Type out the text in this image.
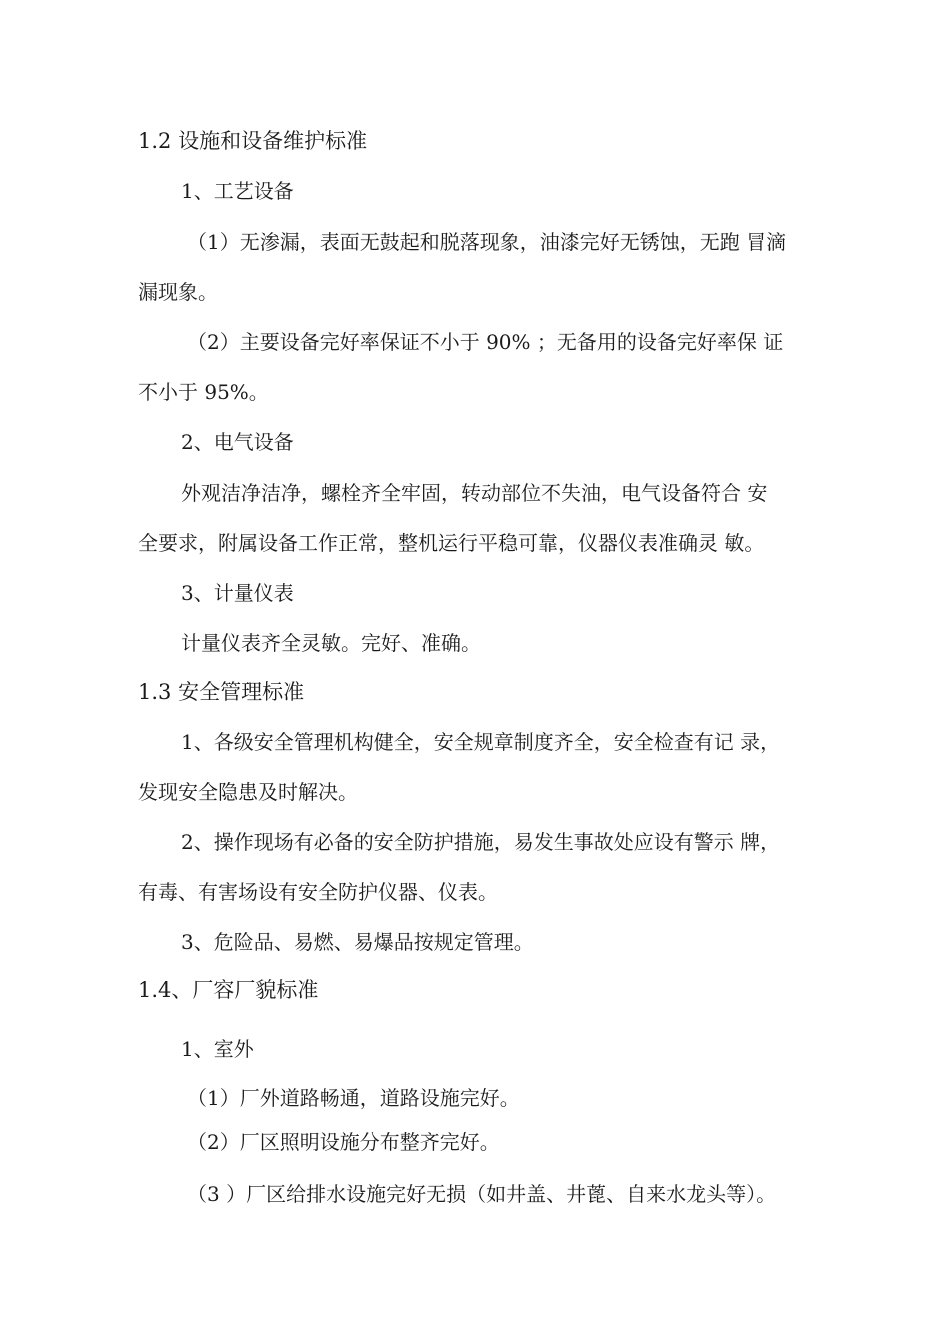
1.2 设施和设备维护标准

1、工艺设备

（1）无渗漏，表面无鼓起和脱落现象，油漆完好无锈蚀，无跑 冒滴

漏现象。

（2）主要设备完好率保证不小于 90% ；无备用的设备完好率保 证

不小于 95%。

2、电气设备

外观洁净洁净，螺栓齐全牢固，转动部位不失油，电气设备符合 安

全要求，附属设备工作正常，整机运行平稳可靠，仪器仪表准确灵 敏。

3、计量仪表

计量仪表齐全灵敏。完好、准确。

1.3 安全管理标准

1、各级安全管理机构健全，安全规章制度齐全，安全检查有记 录，

发现安全隐患及时解决。

2、操作现场有必备的安全防护措施，易发生事故处应设有警示 牌，

有毒、有害场设有安全防护仪器、仪表。

3、危险品、易燃、易爆品按规定管理。

1.4、厂容厂貌标准

1、室外

（1）厂外道路畅通，道路设施完好。

（2）厂区照明设施分布整齐完好。

（3 ）厂区给排水设施完好无损（如井盖、井蓖、自来水龙头等）。
